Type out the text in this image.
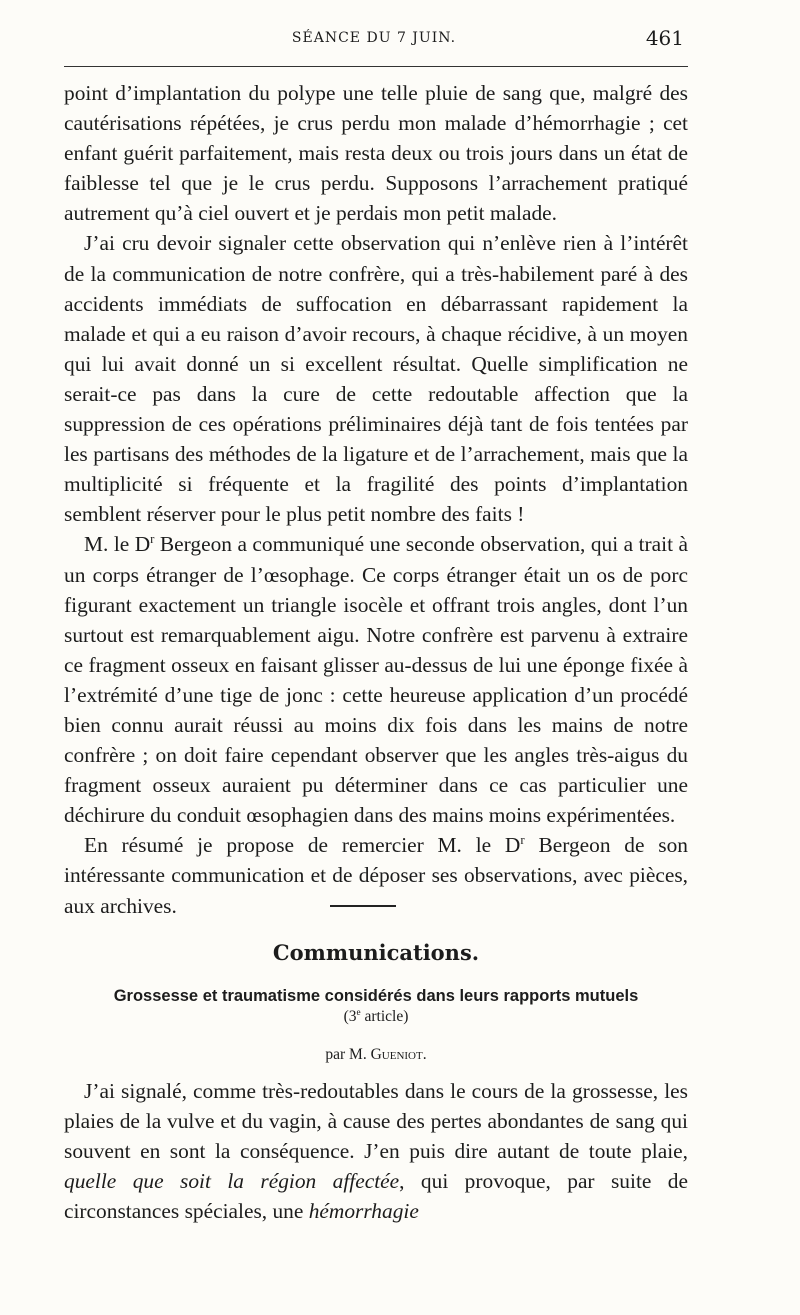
SÉANCE DU 7 JUIN.	461

point d’implantation du polype une telle pluie de sang que, malgré des cautérisations répétées, je crus perdu mon malade d’hémorrhagie ; cet enfant guérit parfaitement, mais resta deux ou trois jours dans un état de faiblesse tel que je le crus perdu. Supposons l’arrachement pratiqué autrement qu’à ciel ouvert et je perdais mon petit malade.

J’ai cru devoir signaler cette observation qui n’enlève rien à l’intérêt de la communication de notre confrère, qui a très-habilement paré à des accidents immédiats de suffocation en débarrassant rapidement la malade et qui a eu raison d’avoir recours, à chaque récidive, à un moyen qui lui avait donné un si excellent résultat. Quelle simplification ne serait-ce pas dans la cure de cette redoutable affection que la suppression de ces opérations préliminaires déjà tant de fois tentées par les partisans des méthodes de la ligature et de l’arrachement, mais que la multiplicité si fréquente et la fragilité des points d’implantation semblent réserver pour le plus petit nombre des faits !

M. le $D^r$ Bergeon a communiqué une seconde observation, qui a trait à un corps étranger de l’œsophage. Ce corps étranger était un os de porc figurant exactement un triangle isocèle et offrant trois angles, dont l’un surtout est remarquablement aigu. Notre confrère est parvenu à extraire ce fragment osseux en faisant glisser au-dessus de lui une éponge fixée à l’extrémité d’une tige de jonc : cette heureuse application d’un procédé bien connu aurait réussi au moins dix fois dans les mains de notre confrère ; on doit faire cependant observer que les angles très-aigus du fragment osseux auraient pu déterminer dans ce cas particulier une déchirure du conduit œsophagien dans des mains moins expérimentées.

En résumé je propose de remercier M. le $D^r$ Bergeon de son intéressante communication et de déposer ses observations, avec pièces, aux archives.

Communications.
Grossesse et traumatisme considérés dans leurs rapports mutuels
(3e article)
par M. Gueniot.

J’ai signalé, comme très-redoutables dans le cours de la grossesse, les plaies de la vulve et du vagin, à cause des pertes abondantes de sang qui souvent en sont la conséquence. J’en puis dire autant de toute plaie, quelle que soit la région affectée, qui provoque, par suite de circonstances spéciales, une hémorrhagie
